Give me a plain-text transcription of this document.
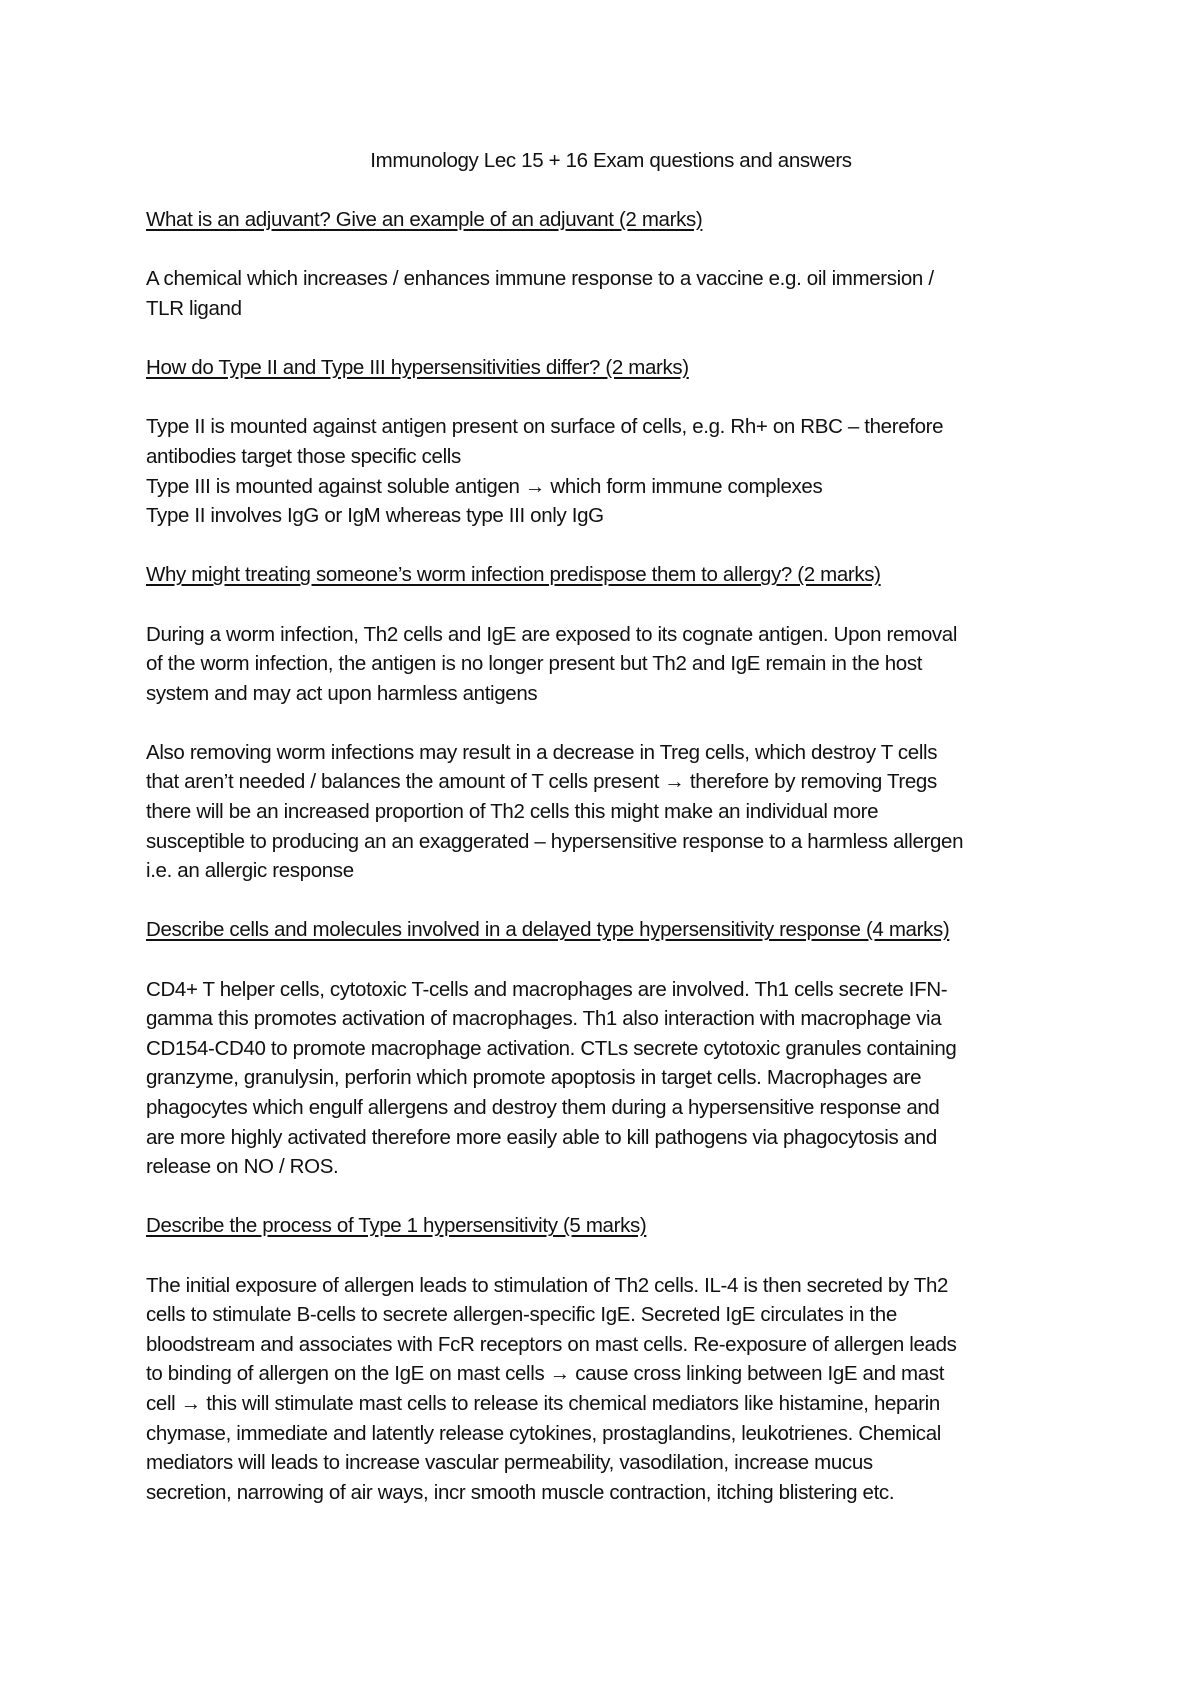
Immunology Lec 15 + 16 Exam questions and answers
What is an adjuvant? Give an example of an adjuvant (2 marks)
A chemical which increases / enhances immune response to a vaccine e.g. oil immersion /
TLR ligand
How do Type II and Type III hypersensitivities differ? (2 marks)
Type II is mounted against antigen present on surface of cells, e.g. Rh+ on RBC – therefore
antibodies target those specific cells
Type III is mounted against soluble antigen → which form immune complexes
Type II involves IgG or IgM whereas type III only IgG
Why might treating someone’s worm infection predispose them to allergy? (2 marks)
During a worm infection, Th2 cells and IgE are exposed to its cognate antigen. Upon removal
of the worm infection, the antigen is no longer present but Th2 and IgE remain in the host
system and may act upon harmless antigens
Also removing worm infections may result in a decrease in Treg cells, which destroy T cells
that aren’t needed / balances the amount of T cells present → therefore by removing Tregs
there will be an increased proportion of Th2 cells this might make an individual more
susceptible to producing an an exaggerated – hypersensitive response to a harmless allergen
i.e. an allergic response
Describe cells and molecules involved in a delayed type hypersensitivity response (4 marks)
CD4+ T helper cells, cytotoxic T-cells and macrophages are involved. Th1 cells secrete IFN-
gamma this promotes activation of macrophages. Th1 also interaction with macrophage via
CD154-CD40 to promote macrophage activation. CTLs secrete cytotoxic granules containing
granzyme, granulysin, perforin which promote apoptosis in target cells. Macrophages are
phagocytes which engulf allergens and destroy them during a hypersensitive response and
are more highly activated therefore more easily able to kill pathogens via phagocytosis and
release on NO / ROS.
Describe the process of Type 1 hypersensitivity (5 marks)
The initial exposure of allergen leads to stimulation of Th2 cells. IL-4 is then secreted by Th2
cells to stimulate B-cells to secrete allergen-specific IgE. Secreted IgE circulates in the
bloodstream and associates with FcR receptors on mast cells. Re-exposure of allergen leads
to binding of allergen on the IgE on mast cells → cause cross linking between IgE and mast
cell → this will stimulate mast cells to release its chemical mediators like histamine, heparin
chymase, immediate and latently release cytokines, prostaglandins, leukotrienes. Chemical
mediators will leads to increase vascular permeability, vasodilation, increase mucus
secretion, narrowing of air ways, incr smooth muscle contraction, itching blistering etc.
